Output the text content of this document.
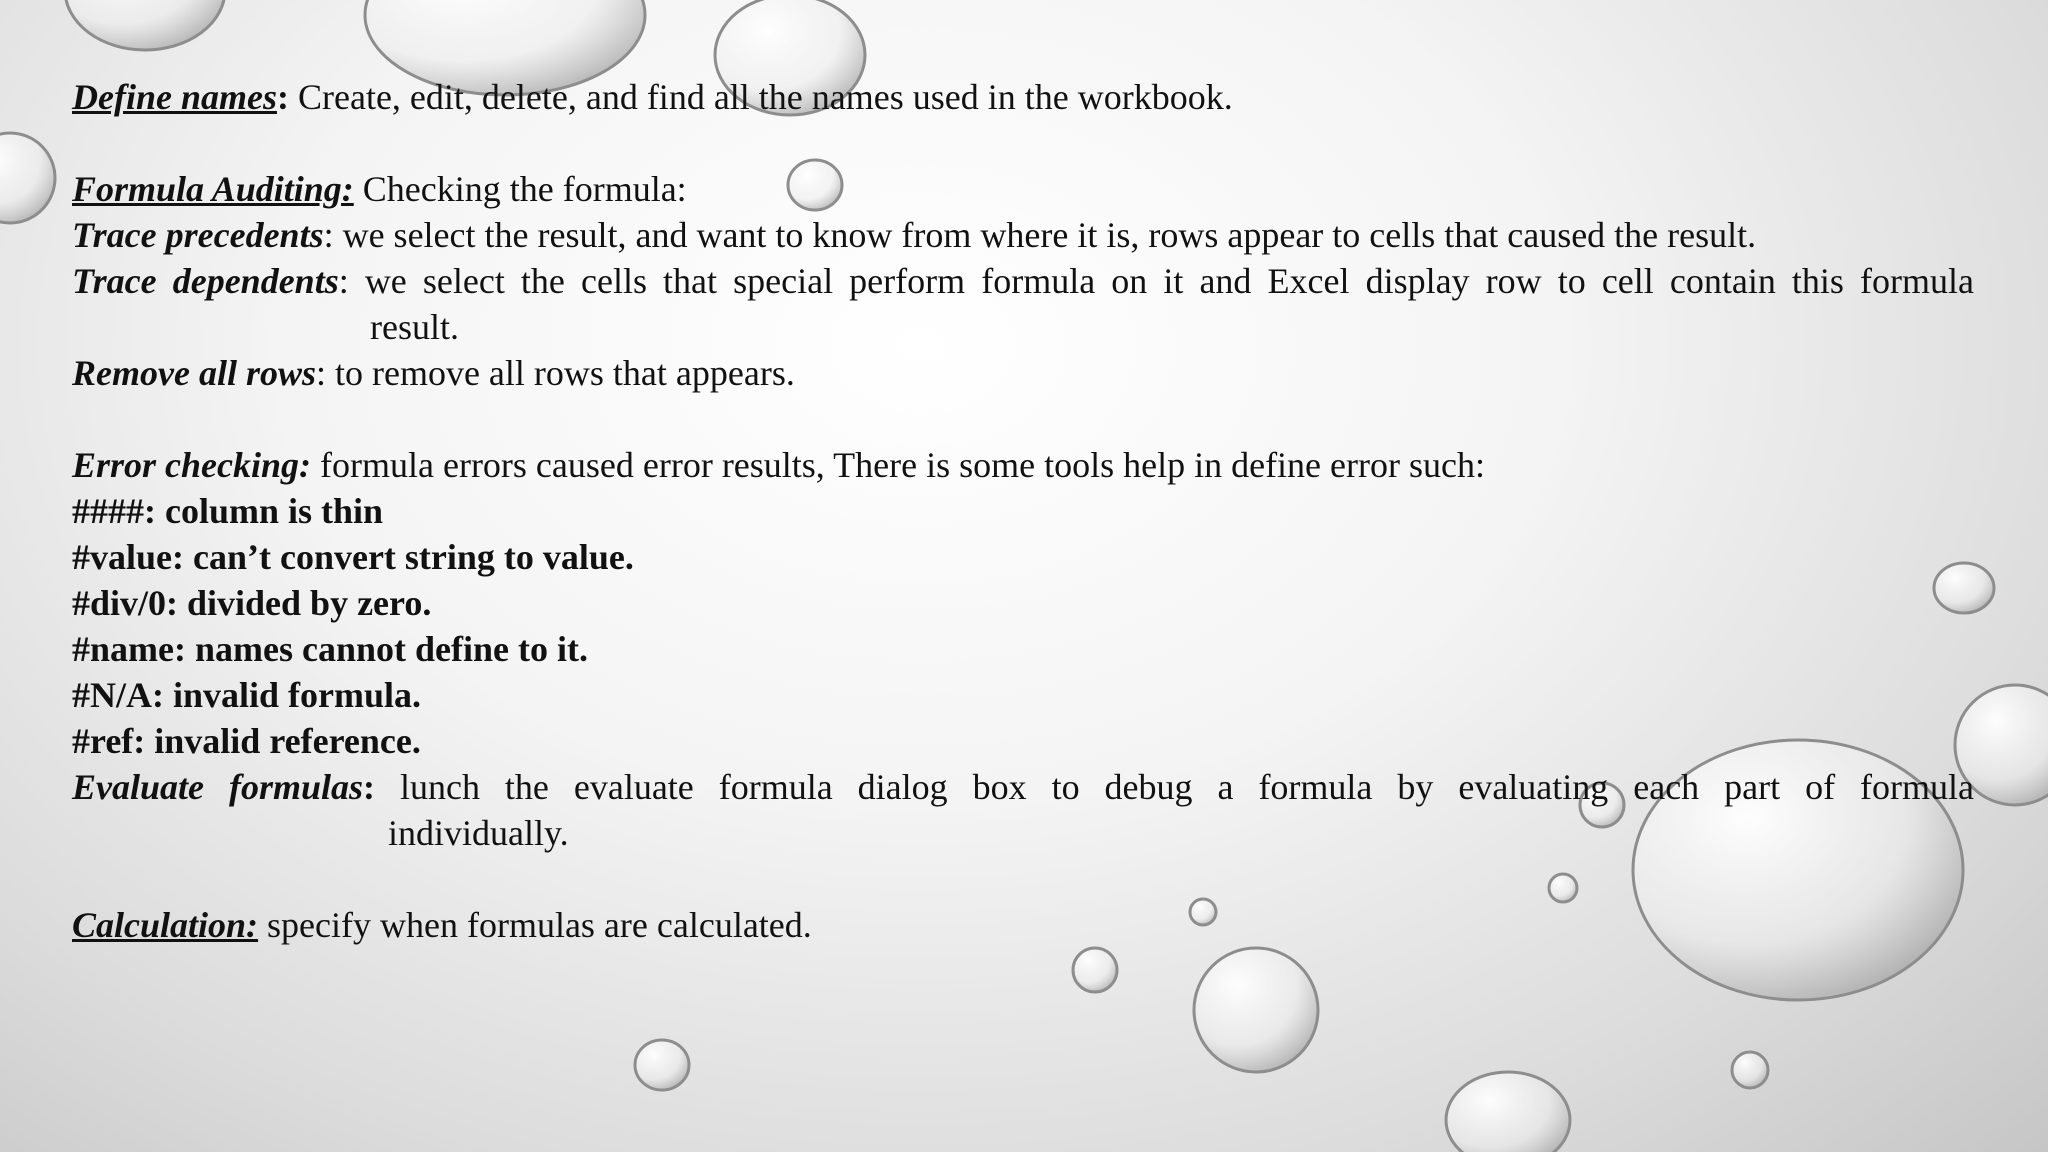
Define names: Create, edit, delete, and find all the names used in the workbook.

Formula Auditing: Checking the formula:

Trace precedents: we select the result, and want to know from where it is, rows appear to cells that caused the result.

Trace dependents: we select the cells that special perform formula on it and Excel display row to cell contain this formula

result.

Remove all rows: to remove all rows that appears.

Error checking: formula errors caused error results, There is some tools help in define error such:

####: column is thin

#value: can’t convert string to value.

#div/0: divided by zero.

#name: names cannot define to it.

#N/A: invalid formula.

#ref: invalid reference.

Evaluate formulas: lunch the evaluate formula dialog box to debug a formula by evaluating each part of formula

individually.

Calculation: specify when formulas are calculated.
